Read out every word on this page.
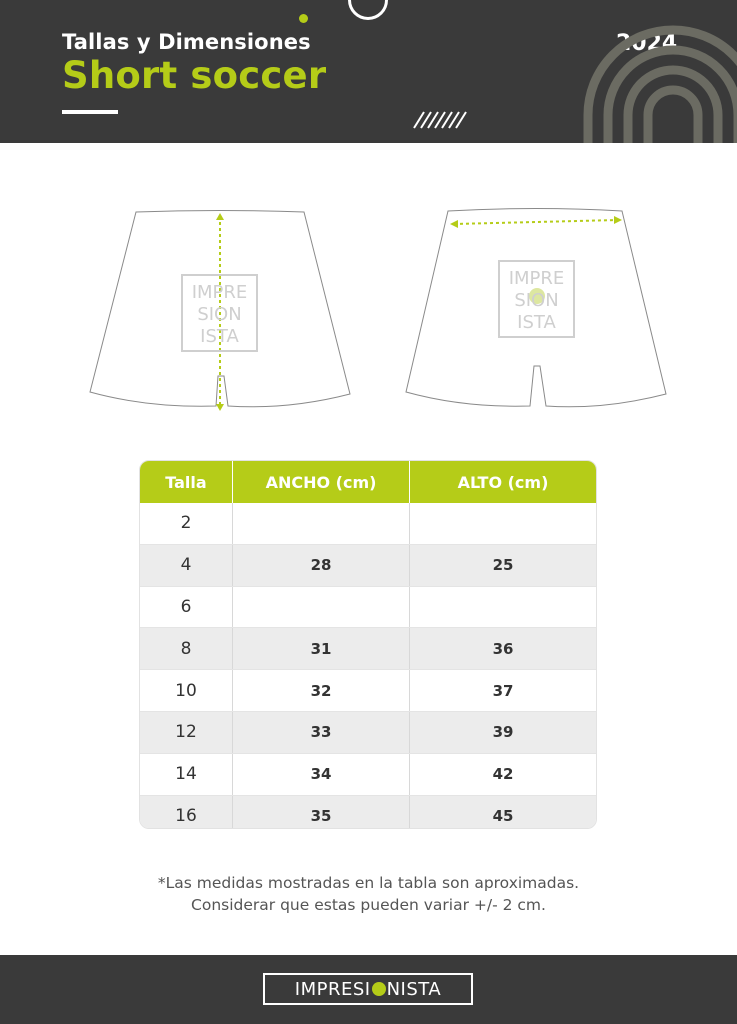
Tallas y Dimensiones
Short soccer
2024
IMPRE
SION
ISTA
IMPRE
SION
ISTA
Talla	ANCHO (cm)	ALTO (cm)
2
4	28	25
6
8	31	36
10	32	37
12	33	39
14	34	42
16	35	45
*Las medidas mostradas en la tabla son aproximadas.
Considerar que estas pueden variar +/- 2 cm.
IMPRESI NISTA
